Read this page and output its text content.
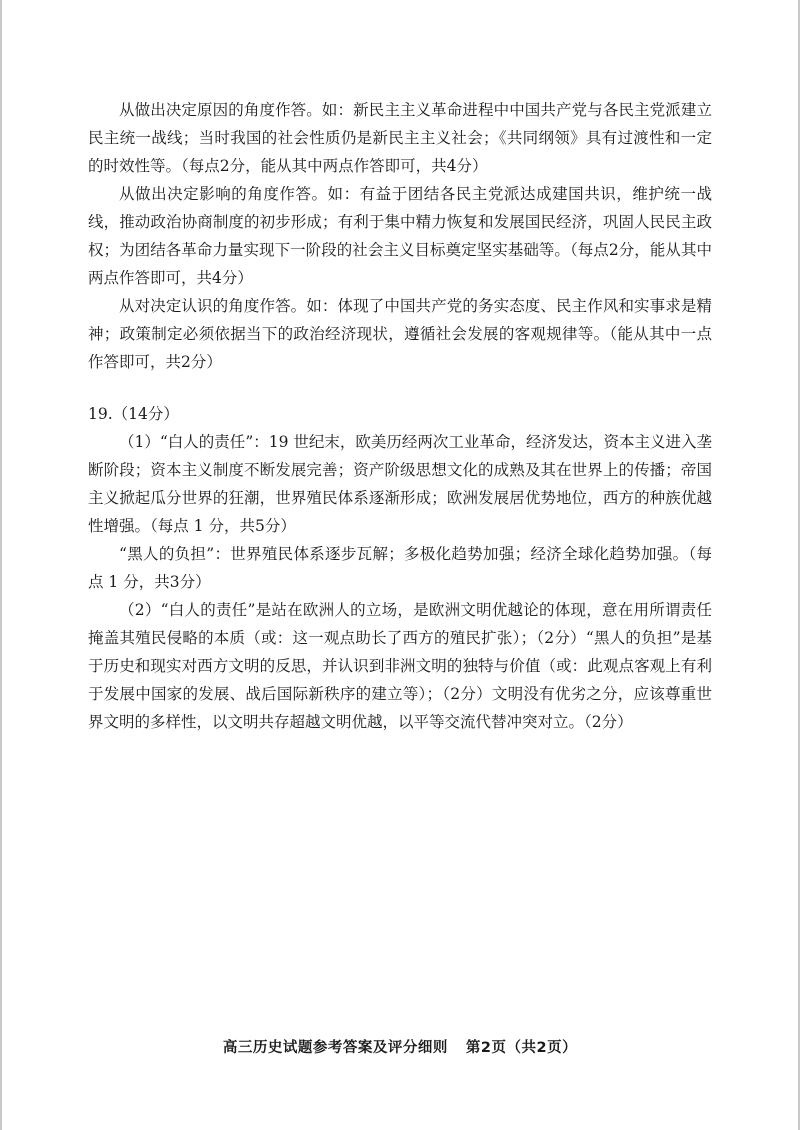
从做出决定原因的角度作答。如：新民主主义革命进程中中国共产党与各民主党派建立民主统一战线；当时我国的社会性质仍是新民主主义社会；《共同纲领》具有过渡性和一定的时效性等。（每点2分，能从其中两点作答即可，共4分）

从做出决定影响的角度作答。如：有益于团结各民主党派达成建国共识，维护统一战线，推动政治协商制度的初步形成；有利于集中精力恢复和发展国民经济，巩固人民民主政权；为团结各革命力量实现下一阶段的社会主义目标奠定坚实基础等。（每点2分，能从其中两点作答即可，共4分）

从对决定认识的角度作答。如：体现了中国共产党的务实态度、民主作风和实事求是精神；政策制定必须依据当下的政治经济现状，遵循社会发展的客观规律等。（能从其中一点作答即可，共2分）

19.（14分）

（1）“白人的责任”：19 世纪末，欧美历经两次工业革命，经济发达，资本主义进入垄断阶段；资本主义制度不断发展完善；资产阶级思想文化的成熟及其在世界上的传播；帝国主义掀起瓜分世界的狂潮，世界殖民体系逐渐形成；欧洲发展居优势地位，西方的种族优越性增强。（每点 1 分，共5分）

“黑人的负担”：世界殖民体系逐步瓦解；多极化趋势加强；经济全球化趋势加强。（每点 1 分，共3分）

（2）“白人的责任”是站在欧洲人的立场，是欧洲文明优越论的体现，意在用所谓责任掩盖其殖民侵略的本质（或：这一观点助长了西方的殖民扩张）；（2分）“黑人的负担”是基于历史和现实对西方文明的反思，并认识到非洲文明的独特与价值（或：此观点客观上有利于发展中国家的发展、战后国际新秩序的建立等）；（2分）文明没有优劣之分，应该尊重世界文明的多样性，以文明共存超越文明优越，以平等交流代替冲突对立。（2分）

高三历史试题参考答案及评分细则 第2页（共2页）
